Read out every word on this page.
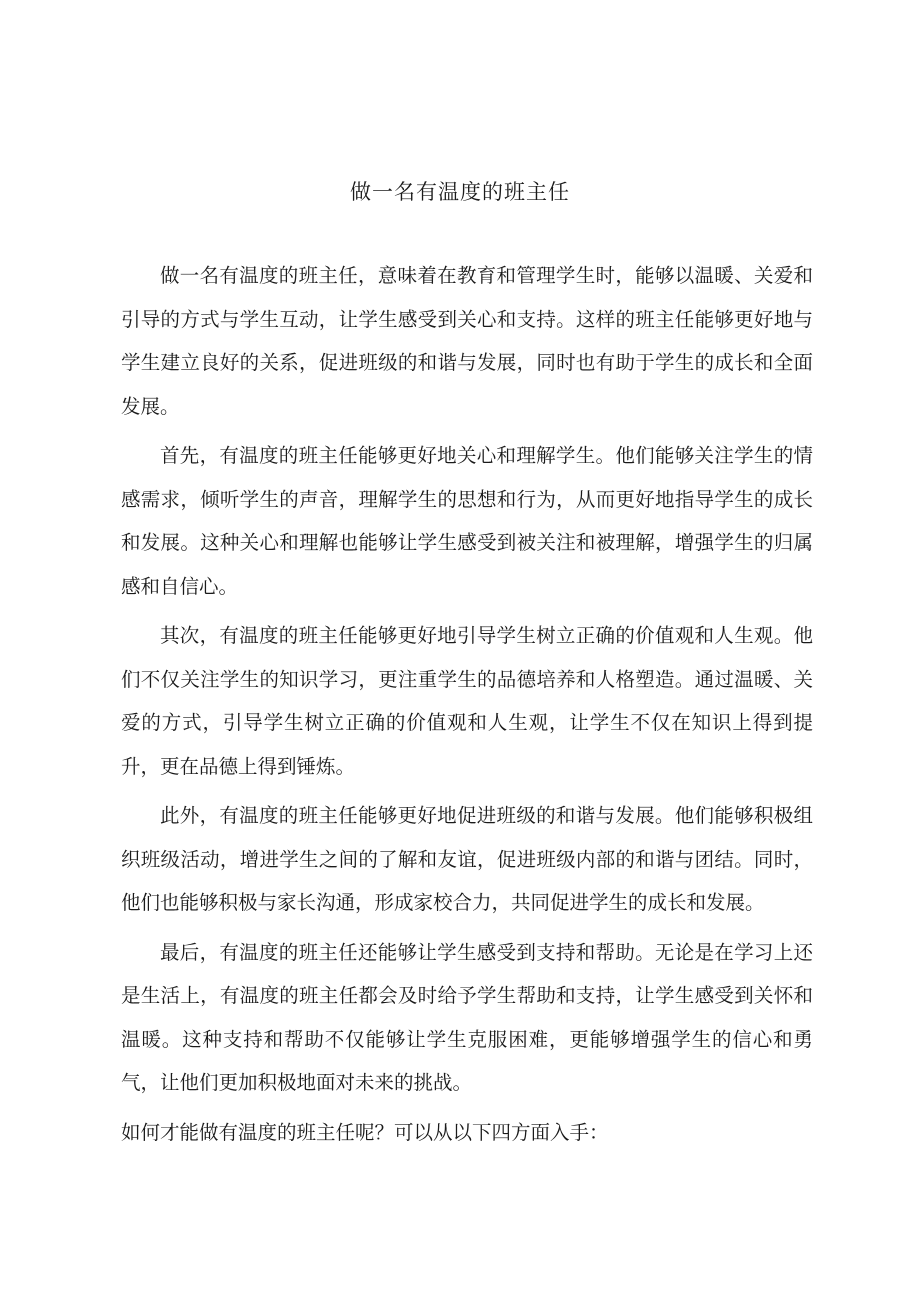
做一名有温度的班主任

做一名有温度的班主任，意味着在教育和管理学生时，能够以温暖、关爱和引导的方式与学生互动，让学生感受到关心和支持。这样的班主任能够更好地与学生建立良好的关系，促进班级的和谐与发展，同时也有助于学生的成长和全面发展。

首先，有温度的班主任能够更好地关心和理解学生。他们能够关注学生的情感需求，倾听学生的声音，理解学生的思想和行为，从而更好地指导学生的成长和发展。这种关心和理解也能够让学生感受到被关注和被理解，增强学生的归属感和自信心。

其次，有温度的班主任能够更好地引导学生树立正确的价值观和人生观。他们不仅关注学生的知识学习，更注重学生的品德培养和人格塑造。通过温暖、关爱的方式，引导学生树立正确的价值观和人生观，让学生不仅在知识上得到提升，更在品德上得到锤炼。

此外，有温度的班主任能够更好地促进班级的和谐与发展。他们能够积极组织班级活动，增进学生之间的了解和友谊，促进班级内部的和谐与团结。同时，他们也能够积极与家长沟通，形成家校合力，共同促进学生的成长和发展。

最后，有温度的班主任还能够让学生感受到支持和帮助。无论是在学习上还是生活上，有温度的班主任都会及时给予学生帮助和支持，让学生感受到关怀和温暖。这种支持和帮助不仅能够让学生克服困难，更能够增强学生的信心和勇气，让他们更加积极地面对未来的挑战。

如何才能做有温度的班主任呢？可以从以下四方面入手：
